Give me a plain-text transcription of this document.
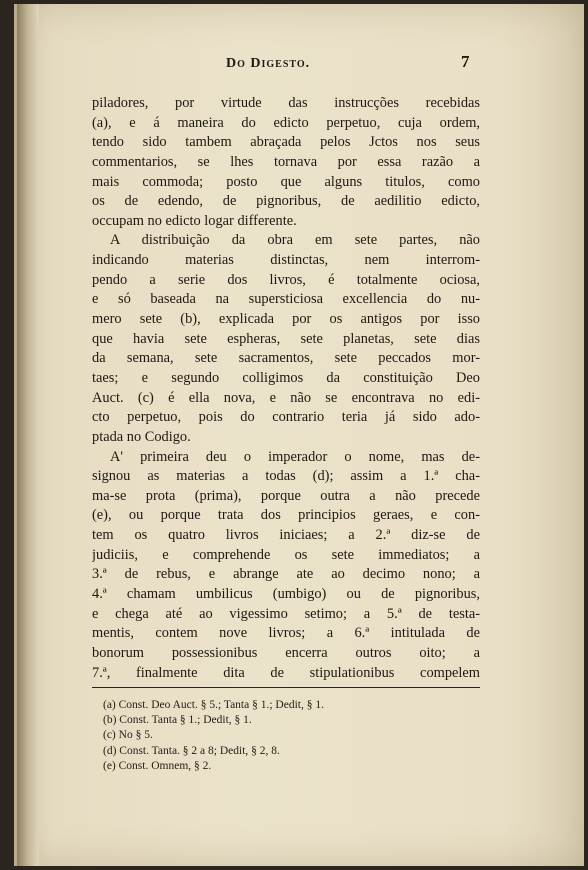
Do Digesto.	7
piladores, por virtude das instrucções recebidas
(a), e á maneira do edicto perpetuo, cuja ordem,
tendo sido tambem abraçada pelos Jctos nos seus
commentarios, se lhes tornava por essa razão a
mais commoda; posto que alguns titulos, como
os de edendo, de pignoribus, de aedilitio edicto,
occupam no edicto logar differente.
A distribuição da obra em sete partes, não
indicando materias distinctas, nem interrom-
pendo a serie dos livros, é totalmente ociosa,
e só baseada na supersticiosa excellencia do nu-
mero sete (b), explicada por os antigos por isso
que havia sete espheras, sete planetas, sete dias
da semana, sete sacramentos, sete peccados mor-
taes; e segundo colligimos da constituição Deo
Auct. (c) é ella nova, e não se encontrava no edi-
cto perpetuo, pois do contrario teria já sido ado-
ptada no Codigo.
A' primeira deu o imperador o nome, mas de-
signou as materias a todas (d); assim a 1.ª cha-
ma-se prota (prima), porque outra a não precede
(e), ou porque trata dos principios geraes, e con-
tem os quatro livros iniciaes; a 2.ª diz-se de
judiciis, e comprehende os sete immediatos; a
3.ª de rebus, e abrange ate ao decimo nono; a
4.ª chamam umbilicus (umbigo) ou de pignoribus,
e chega até ao vigessimo setimo; a 5.ª de testa-
mentis, contem nove livros; a 6.ª intitulada de
bonorum possessionibus encerra outros oito; a
7.ª, finalmente dita de stipulationibus compelem
(a) Const. Deo Auct. § 5.; Tanta § 1.; Dedit, § 1.
(b) Const. Tanta § 1.; Dedit, § 1.
(c) No § 5.
(d) Const. Tanta. § 2 a 8; Dedit, § 2, 8.
(e) Const. Omnem, § 2.
